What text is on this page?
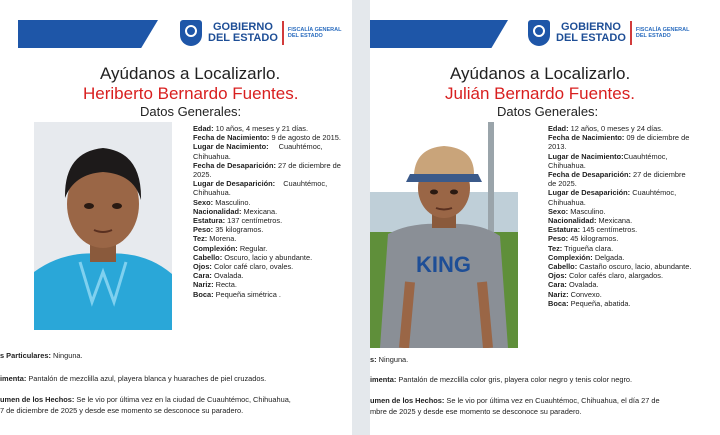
GOBIERNO
DEL ESTADO
FISCALÍA GENERAL
DEL ESTADO
Ayúdanos a Localizarlo.
Heriberto Bernardo Fuentes.
Datos Generales:
Edad: 10 años, 4 meses y 21 días.
Fecha de Nacimiento: 9 de agosto de 2015.
Lugar de Nacimiento: Cuauhtémoc,
Chihuahua.
Fecha de Desaparición: 27 de diciembre de
2025.
Lugar de Desaparición: Cuauhtémoc,
Chihuahua.
Sexo: Masculino.
Nacionalidad: Mexicana.
Estatura: 137 centímetros.
Peso: 35 kilogramos.
Tez: Morena.
Complexión: Regular.
Cabello: Oscuro, lacio y abundante.
Ojos: Color café claro, ovales.
Cara: Ovalada.
Nariz: Recta.
Boca: Pequeña simétrica .
s Particulares: Ninguna.
imenta: Pantalón de mezclilla azul, playera blanca y huaraches de piel cruzados.
umen de los Hechos: Se le vio por última vez en la ciudad de Cuauhtémoc, Chihuahua,
7 de diciembre de 2025 y desde ese momento se desconoce su paradero.
GOBIERNO
DEL ESTADO
FISCALÍA GENERAL
DEL ESTADO
Ayúdanos a Localizarlo.
Julián Bernardo Fuentes.
Datos Generales:
KING
Edad: 12 años, 0 meses y 24 días.
Fecha de Nacimiento: 09 de diciembre de
2013.
Lugar de Nacimiento:Cuauhtémoc,
Chihuahua.
Fecha de Desaparición: 27 de diciembre
de 2025.
Lugar de Desaparición: Cuauhtémoc,
Chihuahua.
Sexo: Masculino.
Nacionalidad: Mexicana.
Estatura: 145 centímetros.
Peso: 45 kilogramos.
Tez: Trigueña clara.
Complexión: Delgada.
Cabello: Castaño oscuro, lacio, abundante.
Ojos: Color cafés claro, alargados.
Cara: Ovalada.
Nariz: Convexo.
Boca: Pequeña, abatida.
s: Ninguna.
imenta: Pantalón de mezclilla color gris, playera color negro y tenis color negro.
umen de los Hechos: Se le vio por última vez en Cuauhtémoc, Chihuahua, el día 27 de
mbre de 2025 y desde ese momento se desconoce su paradero.
